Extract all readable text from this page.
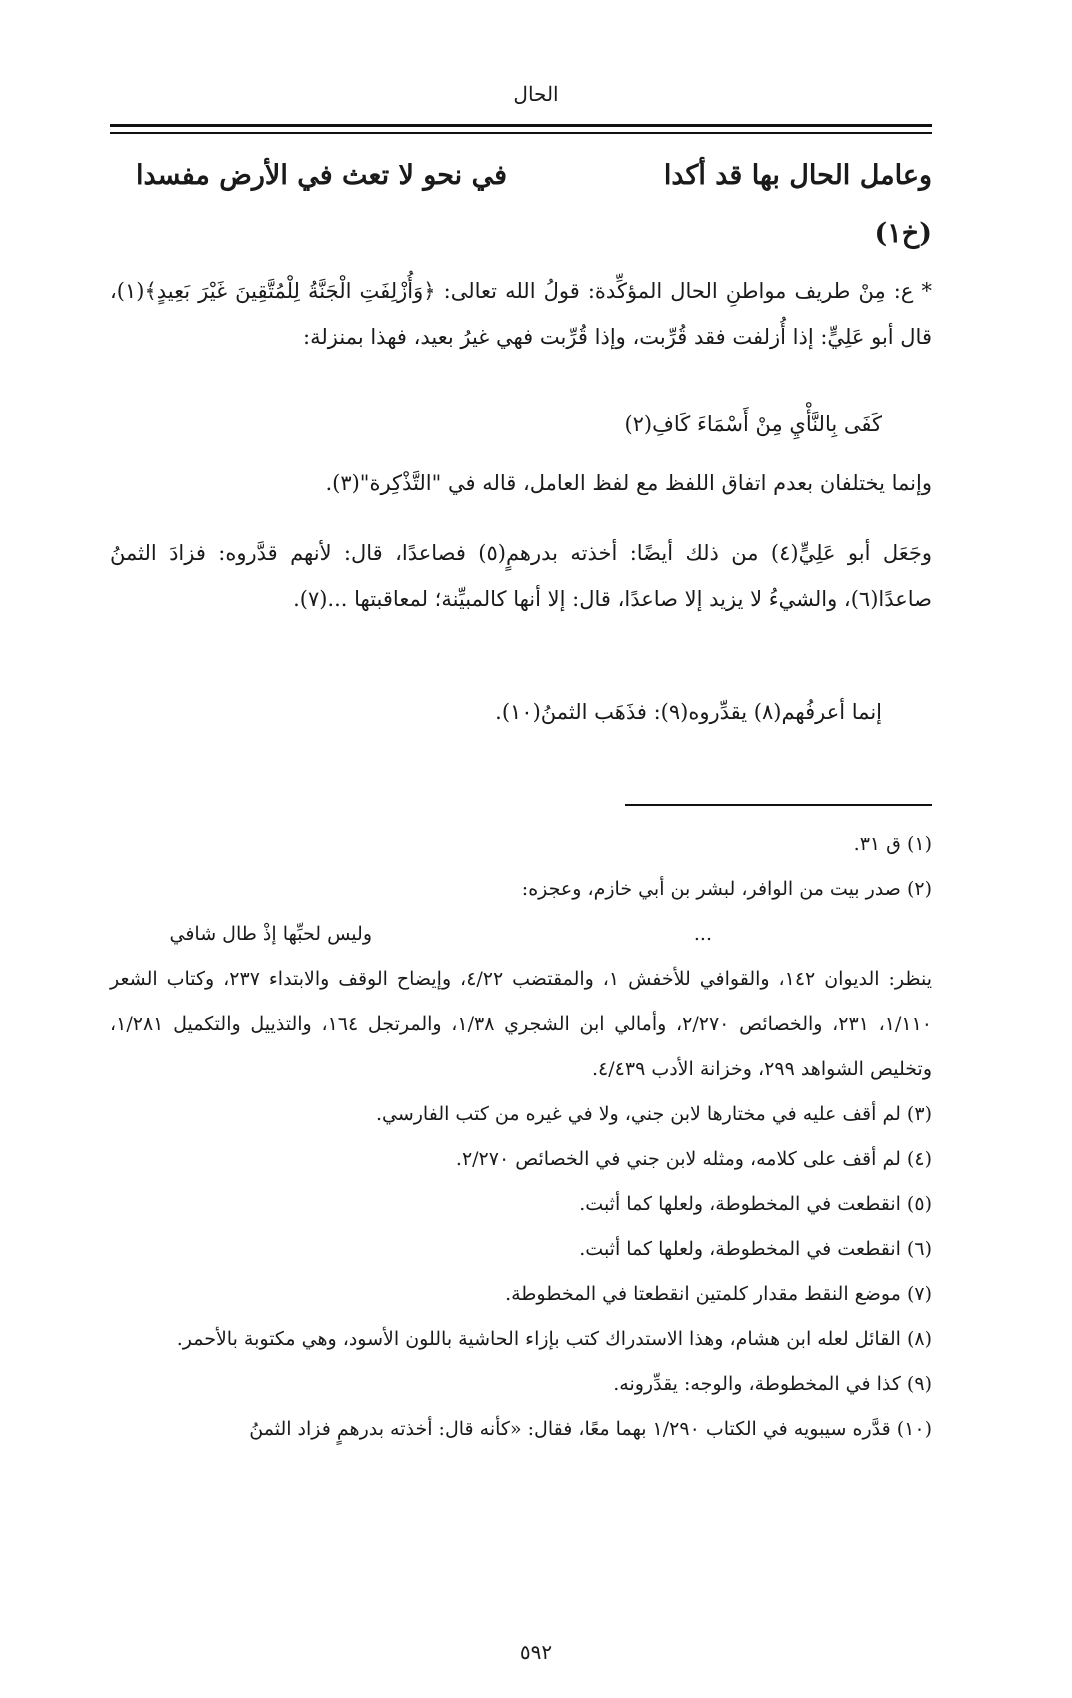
الحال
وعامل الحال بها قد أكدا
في نحو لا تعث في الأرض مفسدا
(خ١)
* ع: مِنْ طريف مواطنِ الحال المؤكِّدة: قولُ الله تعالى: ﴿وَأُزْلِفَتِ الْجَنَّةُ لِلْمُتَّقِينَ غَيْرَ بَعِيدٍ﴾(١)، قال أبو عَلِيٍّ: إذا أُزلفت فقد قُرِّبت، وإذا قُرِّبت فهي غيرُ بعيد، فهذا بمنزلة:
كَفَى بِالنَّأْيِ مِنْ أَسْمَاءَ كَافِ(٢)
وإنما يختلفان بعدم اتفاق اللفظ مع لفظ العامل، قاله في "التَّذْكِرة"(٣).
وجَعَل أبو عَلِيٍّ(٤) من ذلك أيضًا: أخذته بدرهمٍ(٥) فصاعدًا، قال: لأنهم قدَّروه: فزادَ الثمنُ صاعدًا(٦)، والشيءُ لا يزيد إلا صاعدًا، قال: إلا أنها كالمبيِّنة؛ لمعاقبتها ...(٧).
إنما أعرفُهم(٨) يقدِّروه(٩): فذَهَب الثمنُ(١٠).

(١) ق ٣١.

(٢) صدر بيت من الوافر، لبشر بن أبي خازم، وعجزه:

...
وليس لحبِّها إذْ طال شافي

ينظر: الديوان ١٤٢، والقوافي للأخفش ١، والمقتضب ٤/٢٢، وإيضاح الوقف والابتداء ٢٣٧، وكتاب الشعر ١/١١٠، ٢٣١، والخصائص ٢/٢٧٠، وأمالي ابن الشجري ١/٣٨، والمرتجل ١٦٤، والتذييل والتكميل ١/٢٨١، وتخليص الشواهد ٢٩٩، وخزانة الأدب ٤/٤٣٩.

(٣) لم أقف عليه في مختارها لابن جني، ولا في غيره من كتب الفارسي.

(٤) لم أقف على كلامه، ومثله لابن جني في الخصائص ٢/٢٧٠.

(٥) انقطعت في المخطوطة، ولعلها كما أثبت.

(٦) انقطعت في المخطوطة، ولعلها كما أثبت.

(٧) موضع النقط مقدار كلمتين انقطعتا في المخطوطة.

(٨) القائل لعله ابن هشام، وهذا الاستدراك كتب بإزاء الحاشية باللون الأسود، وهي مكتوبة بالأحمر.

(٩) كذا في المخطوطة، والوجه: يقدِّرونه.

(١٠) قدَّره سيبويه في الكتاب ١/٢٩٠ بهما معًا، فقال: «كأنه قال: أخذته بدرهمٍ فزاد الثمنُ

٥٩٢
